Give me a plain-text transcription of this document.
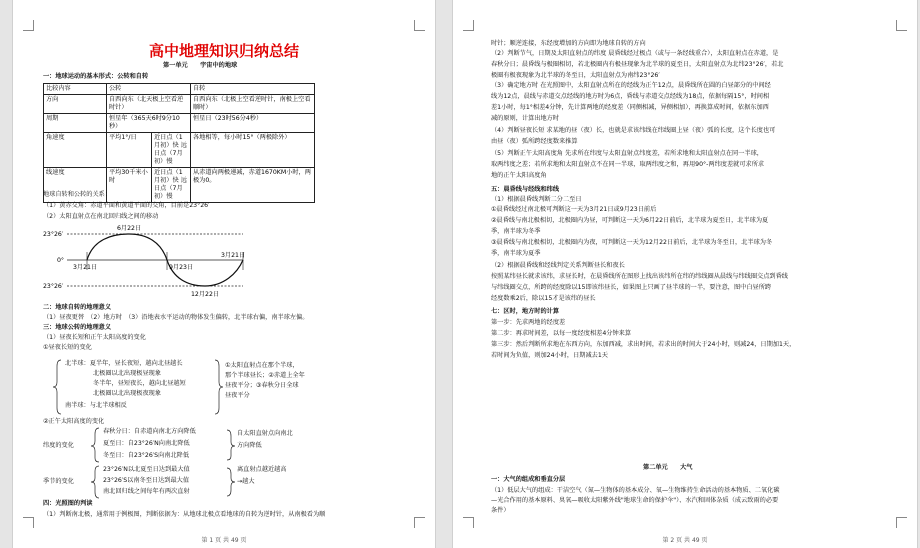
高中地理知识归纳总结
第一单元　　宇宙中的地球
一：地球运动的基本形式：公转和自转
比较内容	公转		自转
方向	自西向东（北天极上空看逆时针）		自西向东（北极上空看逆时针，南极上空看顺时）
周期	恒星年（365天6时9分10秒）		恒星日（23时56分4秒）
角速度	平均1°/日	近日点（1月初）快 远日点（7月初）慢	各地相等，每小时15°（两极除外）
线速度	平均30千米小时	近日点（1月初）快 远日点（7月初）慢	从赤道向两极递减，赤道1670KM小时，两极为0。
地球自转和公转的关系：
（1）黄赤交角：赤道平面和黄道平面的交角，目前是23°26′
（2）太阳直射点在南北回归线之间的移动
23°26′
0°
23°26′
6月22日
3月21日	9月23日
3月21日
12月22日
二：地球自转的地理意义
（1）昼夜更替　（2）地方时　（3）沿地表水平运动的物体发生偏转，北半球右偏，南半球左偏。
三：地球公转的地理意义
（1）昼夜长短和正午太阳高度的变化
①昼夜长短的变化
北半球：夏半年，昼长夜短，越向北昼越长
北极圈以北出现极昼现象
冬半年，昼短夜长，越向北昼越短
北极圈以北出现极夜现象
南半球：与北半球相反
①太阳直射点在那个半球，
那个半球昼长；②赤道上全年
昼夜平分；③春秋分日全球
昼夜平分
②正午太阳高度的变化
春秋分日：自赤道向南北方向降低
夏至日：自23°26′N向南北降低
冬至日：自23°26′S向南北降低
自太阳直射点向南北
方向降低
纬度的变化
23°26′N以北夏至日达到最大值
23°26′S以南冬至日达到最大值
南北回归线之间每年有两次直射
离直射点越近越高
→越大
季节的变化
四：光照图的判读
（1）判断南北极，通常用于例极图，判断依据为：从地球北极点看地球的自转为逆时针，从南极看为顺
第 1 页 共 49 页
时针；顺逆连接，东经度增加的方向即为地球自转的方向
（2）判断节气，日期及太阳直射点的纬度 晨昏线经过极点（或与一条经线重合），太阳直射点在赤道，是
春秋分日；晨昏线与极圈相切，若北极圈内有极昼现象为北半球的夏至日，太阳直射点为北纬23°26′，若北
极圈有极夜现象为北半球的冬至日，太阳直射点为南纬23°26′
（3）确定地方时 在光照图中，太阳直射点所在的经线为正午12点，晨昏线所在圆的白昼部分的中间经
线为12点，晨线与赤道交点经线的地方时为6点，昏线与赤道交点经线为18点，依据每隔15°，时间相
差1小时，每1°相差4分钟，先计算两地的经度差（同侧相减，异侧相加），再换算成时间，依据东加西
减的原则，计算出地方时
（4）判断昼夜长短 求某地的昼（夜）长，也就是求该纬线在纬线圈上昼（夜）弧的长度，这个长度也可
由昼（夜）弧所跨经度数来推算
（5）判断正午太阳高度角 先求所在纬度与太阳直射点纬度差，若所求地和太阳直射点在同一半球，
取两纬度之差；若所求地和太阳直射点不在同一半球，取两纬度之和，再用90°-两纬度差就可求所求
地的正午太阳高度角
五：晨昏线与经线和纬线
（1）根据晨昏线判断二分二至日
①晨昏线经过南北极可判断这一天为3月21日或9月23日前后
②晨昏线与南北极相切，北极圈内为昼，可判断这一天为6月22日前后，北半球为夏至日，北半球为夏
季，南半球为冬季
③晨昏线与南北极相切，北极圈内为夜，可判断这一天为12月22日前后，北半球为冬至日，北半球为冬
季，南半球为夏季
（2）根据晨昏线和经线判定关系判断昼长和夜长
按照某纬昼长就求该纬，求昼长时，在晨昏线所在图形上找出该纬所在纬的纬线圈从晨线与纬线圈交点到昏线
与纬线圈交点，所跨的经度除以15即该纬昼长，如果图上只画了昼半球的一半，要注意，图中白昼所跨
经度数乘2后，除以15才是该纬的昼长
七：区时，地方时的计算
第一步：先求两地的经度差
第二步：再求时间差，以每一度经度相差4分钟来算
第三步：然后判断所求地在东西方向，东加西减，求出时间，若求出的时间大于24小时，则减24，日期加1天，
若时间为负值，则加24小时，日期减去1天
第二单元　　大气
一：大气的组成和垂直分层
（1）低层大气的组成：干洁空气（氮—生物体的基本成分、氧—生物维持生命活动的基本物质、二氧化碳
—光合作用的基本原料、臭氧—吸收太阳紫外线"地球生命的保护伞"）、水汽和固体杂质（成云致雨的必要
条件）
第 2 页 共 49 页
